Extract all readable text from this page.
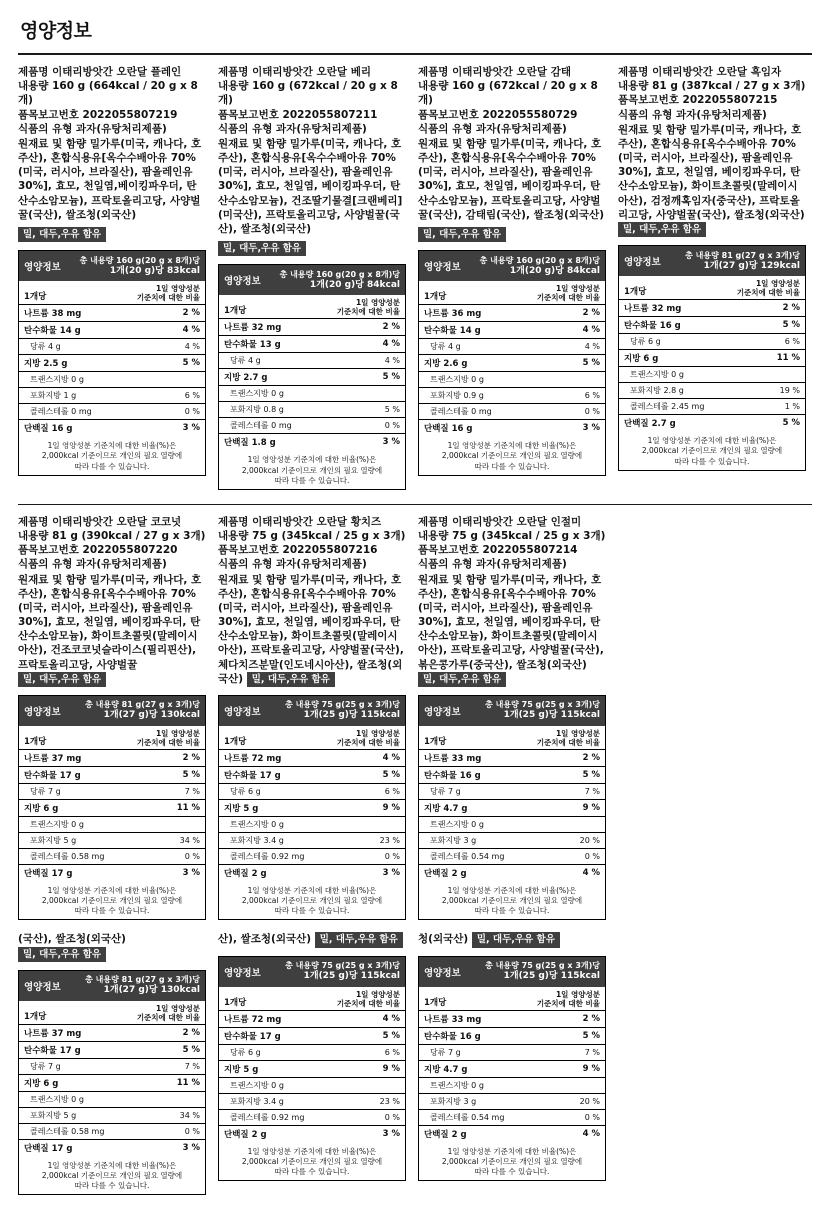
영양정보
제품명 이태리방앗간 오란달 플레인
내용량 160 g (664kcal / 20 g x 8개)
품목보고번호 2022055807219
식품의 유형 과자(유탕처리제품)
원재료 및 함량 밀가루(미국, 캐나다, 호주산), 혼합식용유[옥수수배아유 70%(미국, 러시아, 브라질산), 팜올레인유 30%], 효모, 천일염,베이킹파우더, 탄산수소암모늄), 프락토올리고당, 사양벌꿀(국산), 쌀조청(외국산)
밀, 대두,우유 함유
영양정보
총 내용량 160 g(20 g x 8개)당
1개(20 g)당 83kcal
1개당
1일 영양성분
기준치에 대한 비율
나트륨 38 mg	2 %
탄수화물 14 g	4 %
당류 4 g	4 %
지방 2.5 g	5 %
트랜스지방 0 g	
포화지방 1 g	6 %
콜레스테롤 0 mg	0 %
단백질 16 g	3 %
1일 영양성분 기준치에 대한 비율(%)은
2,000kcal 기준이므로 개인의 필요 열량에
따라 다를 수 있습니다.
제품명 이태리방앗간 오란달 베리
내용량 160 g (672kcal / 20 g x 8개)
품목보고번호 2022055807211
식품의 유형 과자(유탕처리제품)
원재료 및 함량 밀가루(미국, 캐나다, 호주산), 혼합식용유[옥수수배아유 70%(미국, 러시아, 브라질산), 팜올레인유 30%], 효모, 천일염, 베이킹파우더, 탄산수소암모늄), 건조딸기물결[크랜베리](미국산), 프락토올리고당, 사양벌꿀(국산), 쌀조청(외국산)
밀, 대두,우유 함유
영양정보
총 내용량 160 g(20 g x 8개)당
1개(20 g)당 84kcal
1개당
1일 영양성분
기준치에 대한 비율
나트륨 32 mg	2 %
탄수화물 13 g	4 %
당류 4 g	4 %
지방 2.7 g	5 %
트랜스지방 0 g	
포화지방 0.8 g	5 %
콜레스테롤 0 mg	0 %
단백질 1.8 g	3 %
1일 영양성분 기준치에 대한 비율(%)은
2,000kcal 기준이므로 개인의 필요 열량에
따라 다를 수 있습니다.
제품명 이태리방앗간 오란달 감태
내용량 160 g (672kcal / 20 g x 8개)
품목보고번호 2022055580729
식품의 유형 과자(유탕처리제품)
원재료 및 함량 밀가루(미국, 캐나다, 호주산), 혼합식용유[옥수수배아유 70%(미국, 러시아, 브라질산), 팜올레인유 30%], 효모, 천일염, 베이킹파우더, 탄산수소암모늄), 프락토올리고당, 사양벌꿀(국산), 감태림(국산), 쌀조청(외국산)
밀, 대두,우유 함유
영양정보
총 내용량 160 g(20 g x 8개)당
1개(20 g)당 84kcal
1개당
1일 영양성분
기준치에 대한 비율
나트륨 36 mg	2 %
탄수화물 14 g	4 %
당류 4 g	4 %
지방 2.6 g	5 %
트랜스지방 0 g	
포화지방 0.9 g	6 %
콜레스테롤 0 mg	0 %
단백질 16 g	3 %
1일 영양성분 기준치에 대한 비율(%)은
2,000kcal 기준이므로 개인의 필요 열량에
따라 다를 수 있습니다.
제품명 이태리방앗간 오란달 흑임자
내용량 81 g (387kcal / 27 g x 3개)
품목보고번호 2022055807215
식품의 유형 과자(유탕처리제품)
원재료 및 함량 밀가루(미국, 캐나다, 호주산), 혼합식용유[옥수수배아유 70%(미국, 러시아, 브라질산), 팜올레인유 30%], 효모, 천일염, 베이킹파우더, 탄산수소암모늄), 화이트초콜릿(말레이시아산), 검정깨혹임자(중국산), 프락토올리고당, 사양벌꿀(국산), 쌀조청(외국산) 밀, 대두,우유 함유
영양정보
총 내용량 81 g(27 g x 3개)당
1개(27 g)당 129kcal
1개당
1일 영양성분
기준치에 대한 비율
나트륨 32 mg	2 %
탄수화물 16 g	5 %
당류 6 g	6 %
지방 6 g	11 %
트랜스지방 0 g	
포화지방 2.8 g	19 %
콜레스테롤 2.45 mg	1 %
단백질 2.7 g	5 %
1일 영양성분 기준치에 대한 비율(%)은
2,000kcal 기준이므로 개인의 필요 열량에
따라 다를 수 있습니다.
제품명 이태리방앗간 오란달 코코넛
내용량 81 g (390kcal / 27 g x 3개)
품목보고번호 2022055807220
식품의 유형 과자(유탕처리제품)
원재료 및 함량 밀가루(미국, 캐나다, 호주산), 혼합식용유[옥수수배아유 70%(미국, 러시아, 브라질산), 팜올레인유 30%], 효모, 천일염, 베이킹파우더, 탄산수소암모늄), 화이트초콜릿(말레이시아산), 건조코코넛슬라이스(필리핀산), 프락토올리고당, 사양벌꿀 밀, 대두,우유 함유
영양정보
총 내용량 81 g(27 g x 3개)당
1개(27 g)당 130kcal
1개당
1일 영양성분
기준치에 대한 비율
나트륨 37 mg	2 %
탄수화물 17 g	5 %
당류 7 g	7 %
지방 6 g	11 %
트랜스지방 0 g	
포화지방 5 g	34 %
콜레스테롤 0.58 mg	0 %
단백질 17 g	3 %
1일 영양성분 기준치에 대한 비율(%)은
2,000kcal 기준이므로 개인의 필요 열량에
따라 다를 수 있습니다.
제품명 이태리방앗간 오란달 황치즈
내용량 75 g (345kcal / 25 g x 3개)
품목보고번호 2022055807216
식품의 유형 과자(유탕처리제품)
원재료 및 함량 밀가루(미국, 캐나다, 호주산), 혼합식용유[옥수수배아유 70%(미국, 러시아, 브라질산), 팜올레인유 30%], 효모, 천일염, 베이킹파우더, 탄산수소암모늄), 화이트초콜릿(말레이시아산), 프락토올리고당, 사양벌꿀(국산), 체다치즈분말(인도네시아산), 쌀조청(외국산) 밀, 대두,우유 함유
영양정보
총 내용량 75 g(25 g x 3개)당
1개(25 g)당 115kcal
1개당
1일 영양성분
기준치에 대한 비율
나트륨 72 mg	4 %
탄수화물 17 g	5 %
당류 6 g	6 %
지방 5 g	9 %
트랜스지방 0 g	
포화지방 3.4 g	23 %
콜레스테롤 0.92 mg	0 %
단백질 2 g	3 %
1일 영양성분 기준치에 대한 비율(%)은
2,000kcal 기준이므로 개인의 필요 열량에
따라 다를 수 있습니다.
제품명 이태리방앗간 오란달 인절미
내용량 75 g (345kcal / 25 g x 3개)
품목보고번호 2022055807214
식품의 유형 과자(유탕처리제품)
원재료 및 함량 밀가루(미국, 캐나다, 호주산), 혼합식용유[옥수수배아유 70%(미국, 러시아, 브라질산), 팜올레인유 30%], 효모, 천일염, 베이킹파우더, 탄산수소암모늄), 화이트초콜릿(말레이시아산), 프락토올리고당, 사양벌꿀(국산), 볶은콩가루(중국산), 쌀조청(외국산) 밀, 대두,우유 함유
영양정보
총 내용량 75 g(25 g x 3개)당
1개(25 g)당 115kcal
1개당
1일 영양성분
기준치에 대한 비율
나트륨 33 mg	2 %
탄수화물 16 g	5 %
당류 7 g	7 %
지방 4.7 g	9 %
트랜스지방 0 g	
포화지방 3 g	20 %
콜레스테롤 0.54 mg	0 %
단백질 2 g	4 %
1일 영양성분 기준치에 대한 비율(%)은
2,000kcal 기준이므로 개인의 필요 열량에
따라 다를 수 있습니다.
(국산), 쌀조청(외국산) 밀, 대두,우유 함유
영양정보
총 내용량 81 g(27 g x 3개)당
1개(27 g)당 130kcal
1개당
1일 영양성분
기준치에 대한 비율
나트륨 37 mg	2 %
탄수화물 17 g	5 %
당류 7 g	7 %
지방 6 g	11 %
트랜스지방 0 g	
포화지방 5 g	34 %
콜레스테롤 0.58 mg	0 %
단백질 17 g	3 %
1일 영양성분 기준치에 대한 비율(%)은
2,000kcal 기준이므로 개인의 필요 열량에
따라 다를 수 있습니다.
산), 쌀조청(외국산) 밀, 대두,우유 함유
영양정보
총 내용량 75 g(25 g x 3개)당
1개(25 g)당 115kcal
1개당
1일 영양성분
기준치에 대한 비율
나트륨 72 mg	4 %
탄수화물 17 g	5 %
당류 6 g	6 %
지방 5 g	9 %
트랜스지방 0 g	
포화지방 3.4 g	23 %
콜레스테롤 0.92 mg	0 %
단백질 2 g	3 %
1일 영양성분 기준치에 대한 비율(%)은
2,000kcal 기준이므로 개인의 필요 열량에
따라 다를 수 있습니다.
청(외국산) 밀, 대두,우유 함유
영양정보
총 내용량 75 g(25 g x 3개)당
1개(25 g)당 115kcal
1개당
1일 영양성분
기준치에 대한 비율
나트륨 33 mg	2 %
탄수화물 16 g	5 %
당류 7 g	7 %
지방 4.7 g	9 %
트랜스지방 0 g	
포화지방 3 g	20 %
콜레스테롤 0.54 mg	0 %
단백질 2 g	4 %
1일 영양성분 기준치에 대한 비율(%)은
2,000kcal 기준이므로 개인의 필요 열량에
따라 다를 수 있습니다.
